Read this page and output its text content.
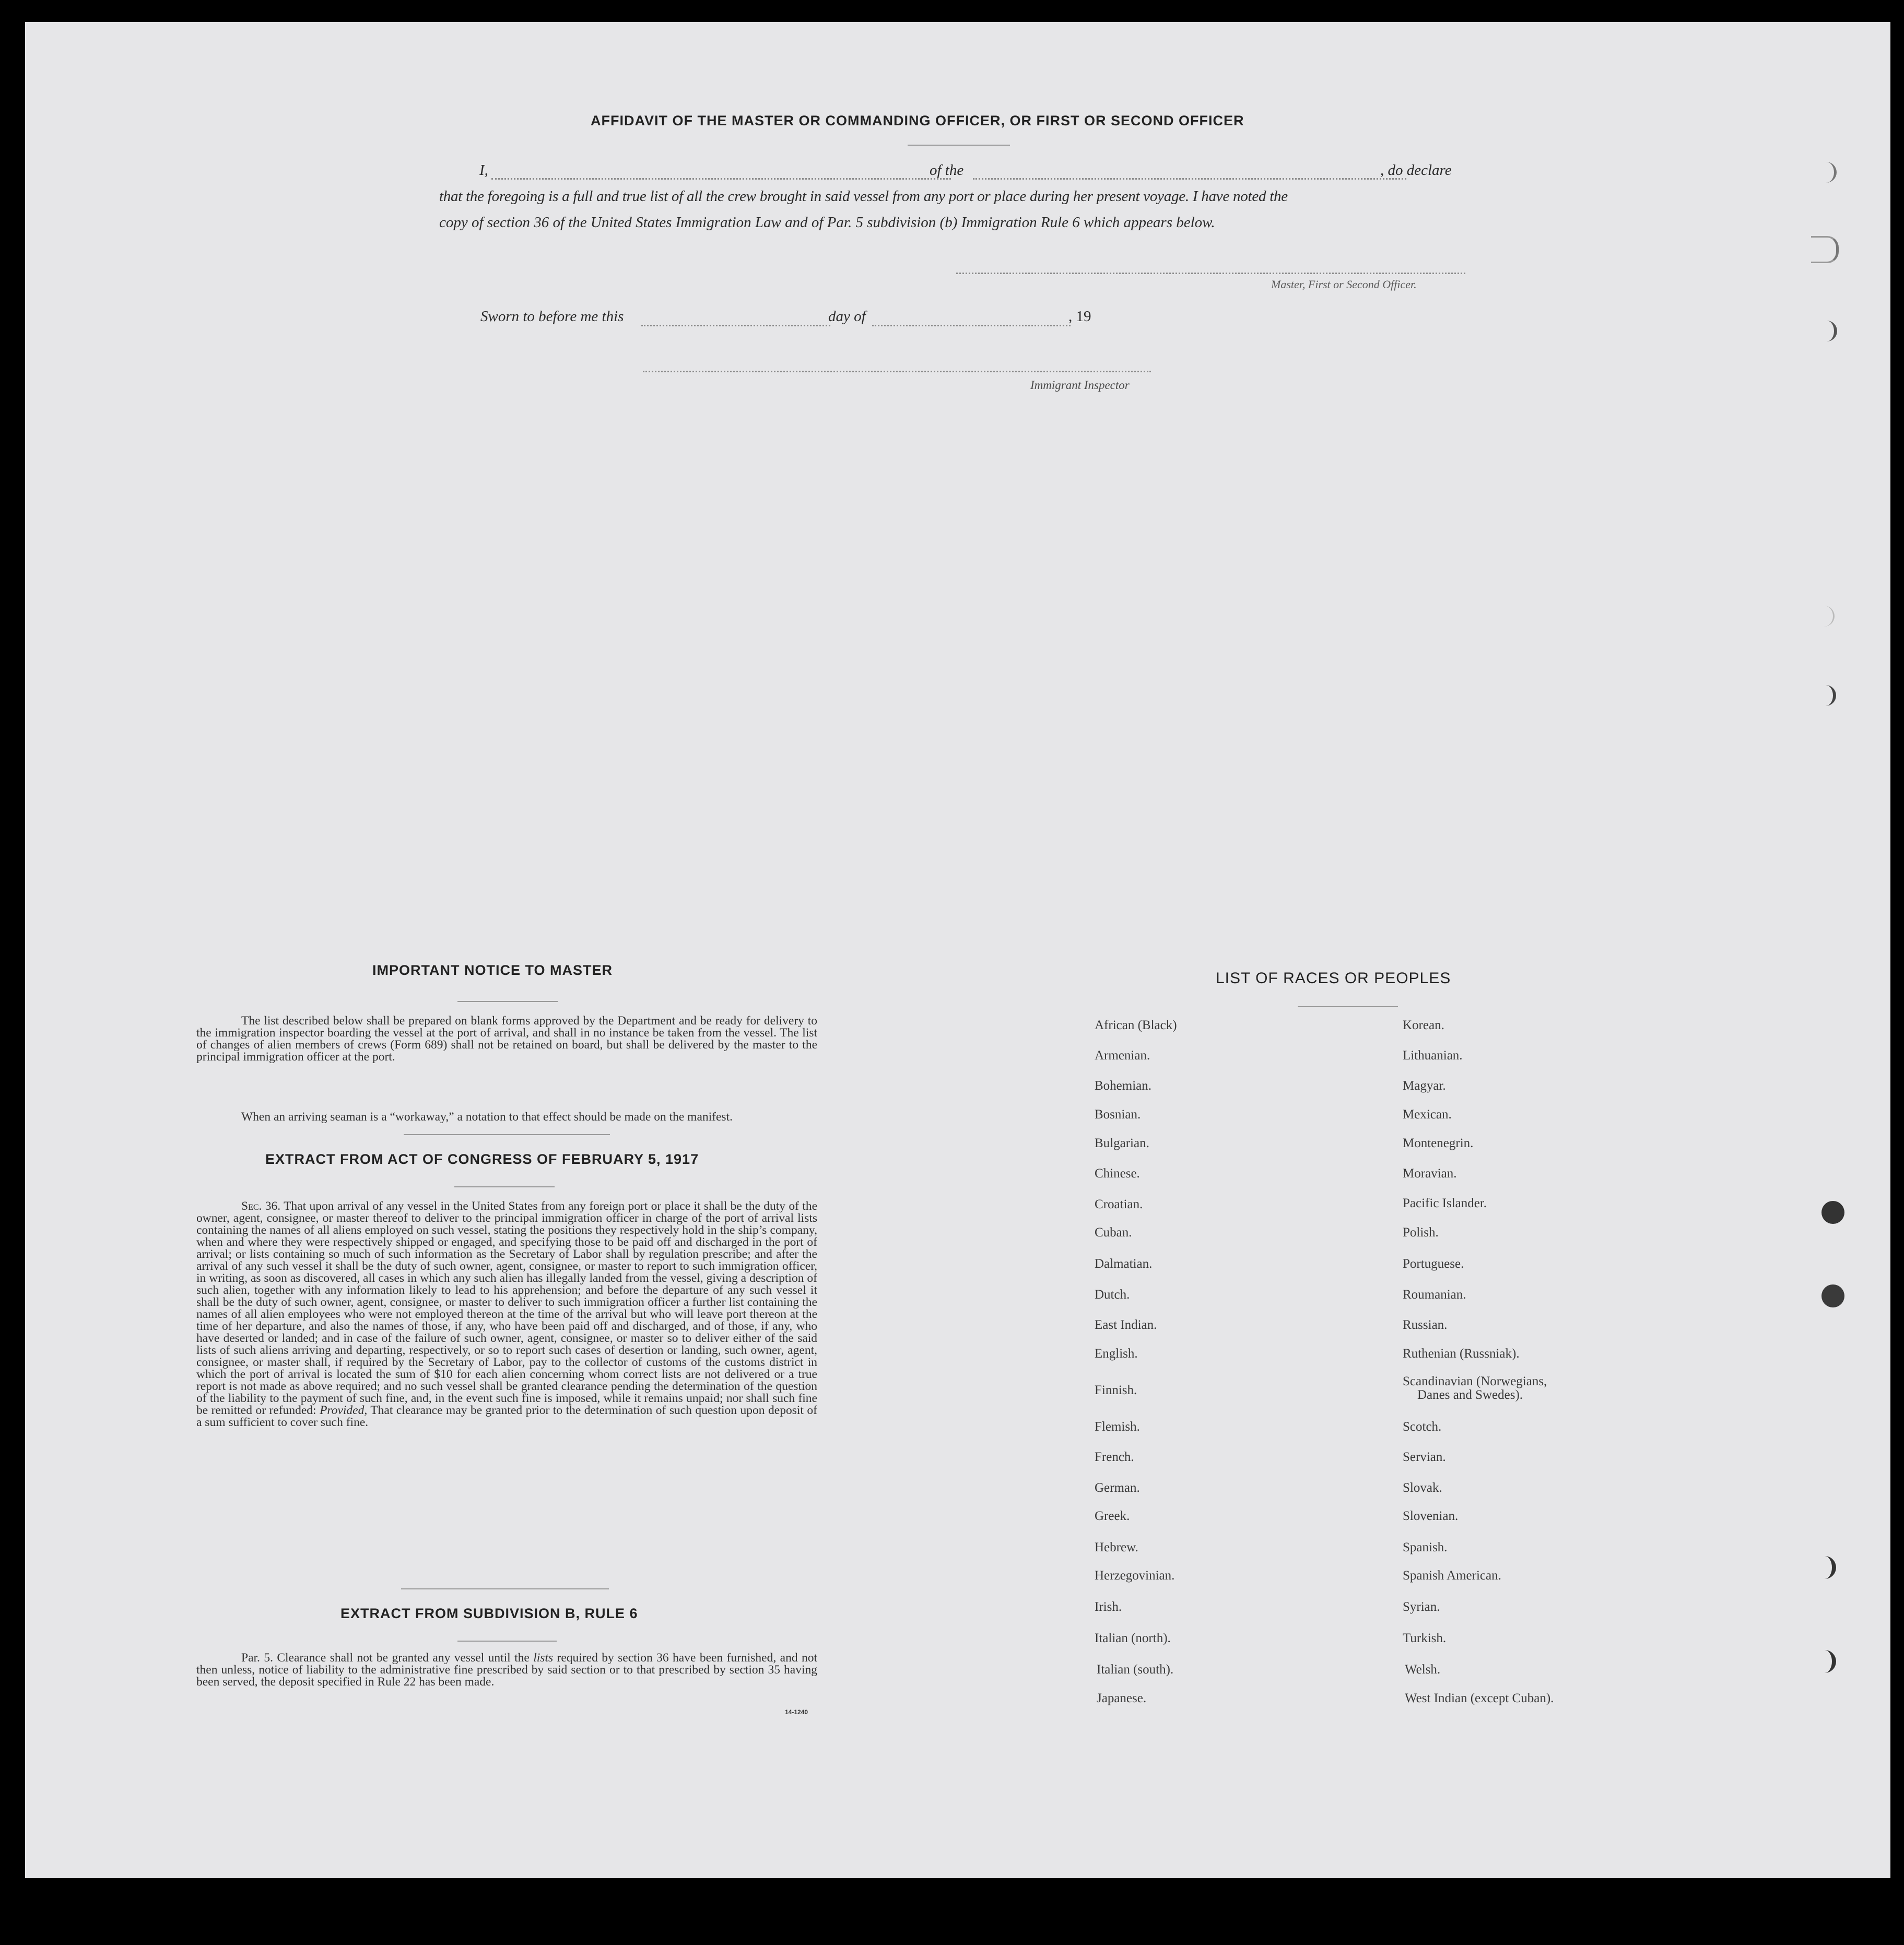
AFFIDAVIT OF THE MASTER OR COMMANDING OFFICER, OR FIRST OR SECOND OFFICER
I,	of the	, do declare
that the foregoing is a full and true list of all the crew brought in said vessel from any port or place during her present voyage. I have noted the
copy of section 36 of the United States Immigration Law and of Par. 5 subdivision (b) Immigration Rule 6 which appears below.
Master, First or Second Officer.
Sworn to before me this	day of	, 19
Immigrant Inspector
IMPORTANT NOTICE TO MASTER
The list described below shall be prepared on blank forms approved by the Department and be ready for delivery to the immigration inspector boarding the vessel at the port of arrival, and shall in no instance be taken from the vessel. The list of changes of alien members of crews (Form 689) shall not be retained on board, but shall be delivered by the master to the principal immigration officer at the port.
When an arriving seaman is a “workaway,” a notation to that effect should be made on the manifest.
EXTRACT FROM ACT OF CONGRESS OF FEBRUARY 5, 1917
Sec. 36. That upon arrival of any vessel in the United States from any foreign port or place it shall be the duty of the owner, agent, consignee, or master thereof to deliver to the principal immigration officer in charge of the port of arrival lists containing the names of all aliens employed on such vessel, stating the positions they respectively hold in the ship’s company, when and where they were respectively shipped or engaged, and specifying those to be paid off and discharged in the port of arrival; or lists containing so much of such information as the Secretary of Labor shall by regulation prescribe; and after the arrival of any such vessel it shall be the duty of such owner, agent, consignee, or master to report to such immigration officer, in writing, as soon as discovered, all cases in which any such alien has illegally landed from the vessel, giving a description of such alien, together with any information likely to lead to his apprehension; and before the departure of any such vessel it shall be the duty of such owner, agent, consignee, or master to deliver to such immigration officer a further list containing the names of all alien employees who were not employed thereon at the time of the arrival but who will leave port thereon at the time of her departure, and also the names of those, if any, who have been paid off and discharged, and of those, if any, who have deserted or landed; and in case of the failure of such owner, agent, consignee, or master so to deliver either of the said lists of such aliens arriving and departing, respectively, or so to report such cases of desertion or landing, such owner, agent, consignee, or master shall, if required by the Secretary of Labor, pay to the collector of customs of the customs district in which the port of arrival is located the sum of $10 for each alien concerning whom correct lists are not delivered or a true report is not made as above required; and no such vessel shall be granted clearance pending the determination of the question of the liability to the payment of such fine, and, in the event such fine is imposed, while it remains unpaid; nor shall such fine be remitted or refunded: Provided, That clearance may be granted prior to the determination of such question upon deposit of a sum sufficient to cover such fine.
EXTRACT FROM SUBDIVISION B, RULE 6
Par. 5. Clearance shall not be granted any vessel until the lists required by section 36 have been furnished, and not then unless, notice of liability to the administrative fine prescribed by said section or to that prescribed by section 35 having been served, the deposit specified in Rule 22 has been made.
14-1240
LIST OF RACES OR PEOPLES
African (Black)
Armenian.
Bohemian.
Bosnian.
Bulgarian.
Chinese.
Croatian.
Cuban.
Dalmatian.
Dutch.
East Indian.
English.
Finnish.
Flemish.
French.
German.
Greek.
Hebrew.
Herzegovinian.
Irish.
Italian (north).
Italian (south).
Japanese.
Korean.
Lithuanian.
Magyar.
Mexican.
Montenegrin.
Moravian.
Pacific Islander.
Polish.
Portuguese.
Roumanian.
Russian.
Ruthenian (Russniak).
Scandinavian (Norwegians,
Danes and Swedes).
Scotch.
Servian.
Slovak.
Slovenian.
Spanish.
Spanish American.
Syrian.
Turkish.
Welsh.
West Indian (except Cuban).
